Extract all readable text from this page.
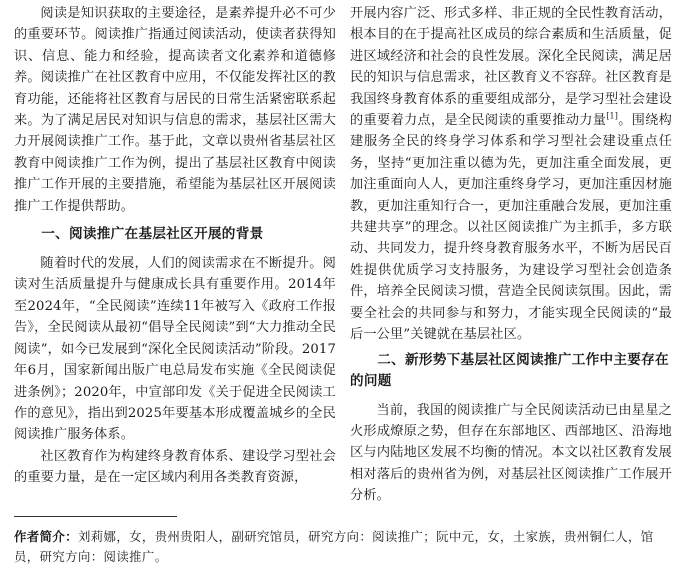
阅读是知识获取的主要途径，是素养提升必不可少的重要环节。阅读推广指通过阅读活动，使读者获得知识、信息、能力和经验，提高读者文化素养和道德修养。阅读推广在社区教育中应用，不仅能发挥社区的教育功能，还能将社区教育与居民的日常生活紧密联系起来。为了满足居民对知识与信息的需求，基层社区需大力开展阅读推广工作。基于此，文章以贵州省基层社区教育中阅读推广工作为例，提出了基层社区教育中阅读推广工作开展的主要措施，希望能为基层社区开展阅读推广工作提供帮助。

一、阅读推广在基层社区开展的背景

随着时代的发展，人们的阅读需求在不断提升。阅读对生活质量提升与健康成长具有重要作用。2014年至2024年，“全民阅读”连续11年被写入《政府工作报告》，全民阅读从最初“倡导全民阅读”到“大力推动全民阅读”，如今已发展到“深化全民阅读活动”阶段。2017年6月，国家新闻出版广电总局发布实施《全民阅读促进条例》；2020年，中宣部印发《关于促进全民阅读工作的意见》，指出到2025年要基本形成覆盖城乡的全民阅读推广服务体系。

社区教育作为构建终身教育体系、建设学习型社会的重要力量，是在一定区域内利用各类教育资源，

开展内容广泛、形式多样、非正规的全民性教育活动，根本目的在于提高社区成员的综合素质和生活质量，促进区域经济和社会的良性发展。深化全民阅读，满足居民的知识与信息需求，社区教育义不容辞。社区教育是我国终身教育体系的重要组成部分，是学习型社会建设的重要着力点，是全民阅读的重要推动力量[1]。围绕构建服务全民的终身学习体系和学习型社会建设重点任务，坚持“更加注重以德为先，更加注重全面发展，更加注重面向人人，更加注重终身学习，更加注重因材施教，更加注重知行合一，更加注重融合发展，更加注重共建共享”的理念。以社区阅读推广为主抓手，多方联动、共同发力，提升终身教育服务水平，不断为居民百姓提供优质学习支持服务，为建设学习型社会创造条件，培养全民阅读习惯，营造全民阅读氛围。因此，需要全社会的共同参与和努力，才能实现全民阅读的“最后一公里”关键就在基层社区。

二、新形势下基层社区阅读推广工作中主要存在的问题

当前，我国的阅读推广与全民阅读活动已由星星之火形成燎原之势，但存在东部地区、西部地区、沿海地区与内陆地区发展不均衡的情况。本文以社区教育发展相对落后的贵州省为例，对基层社区阅读推广工作展开分析。

作者简介：刘莉娜，女，贵州贵阳人，副研究馆员，研究方向：阅读推广；阮中元，女，土家族，贵州铜仁人，馆员，研究方向：阅读推广。
